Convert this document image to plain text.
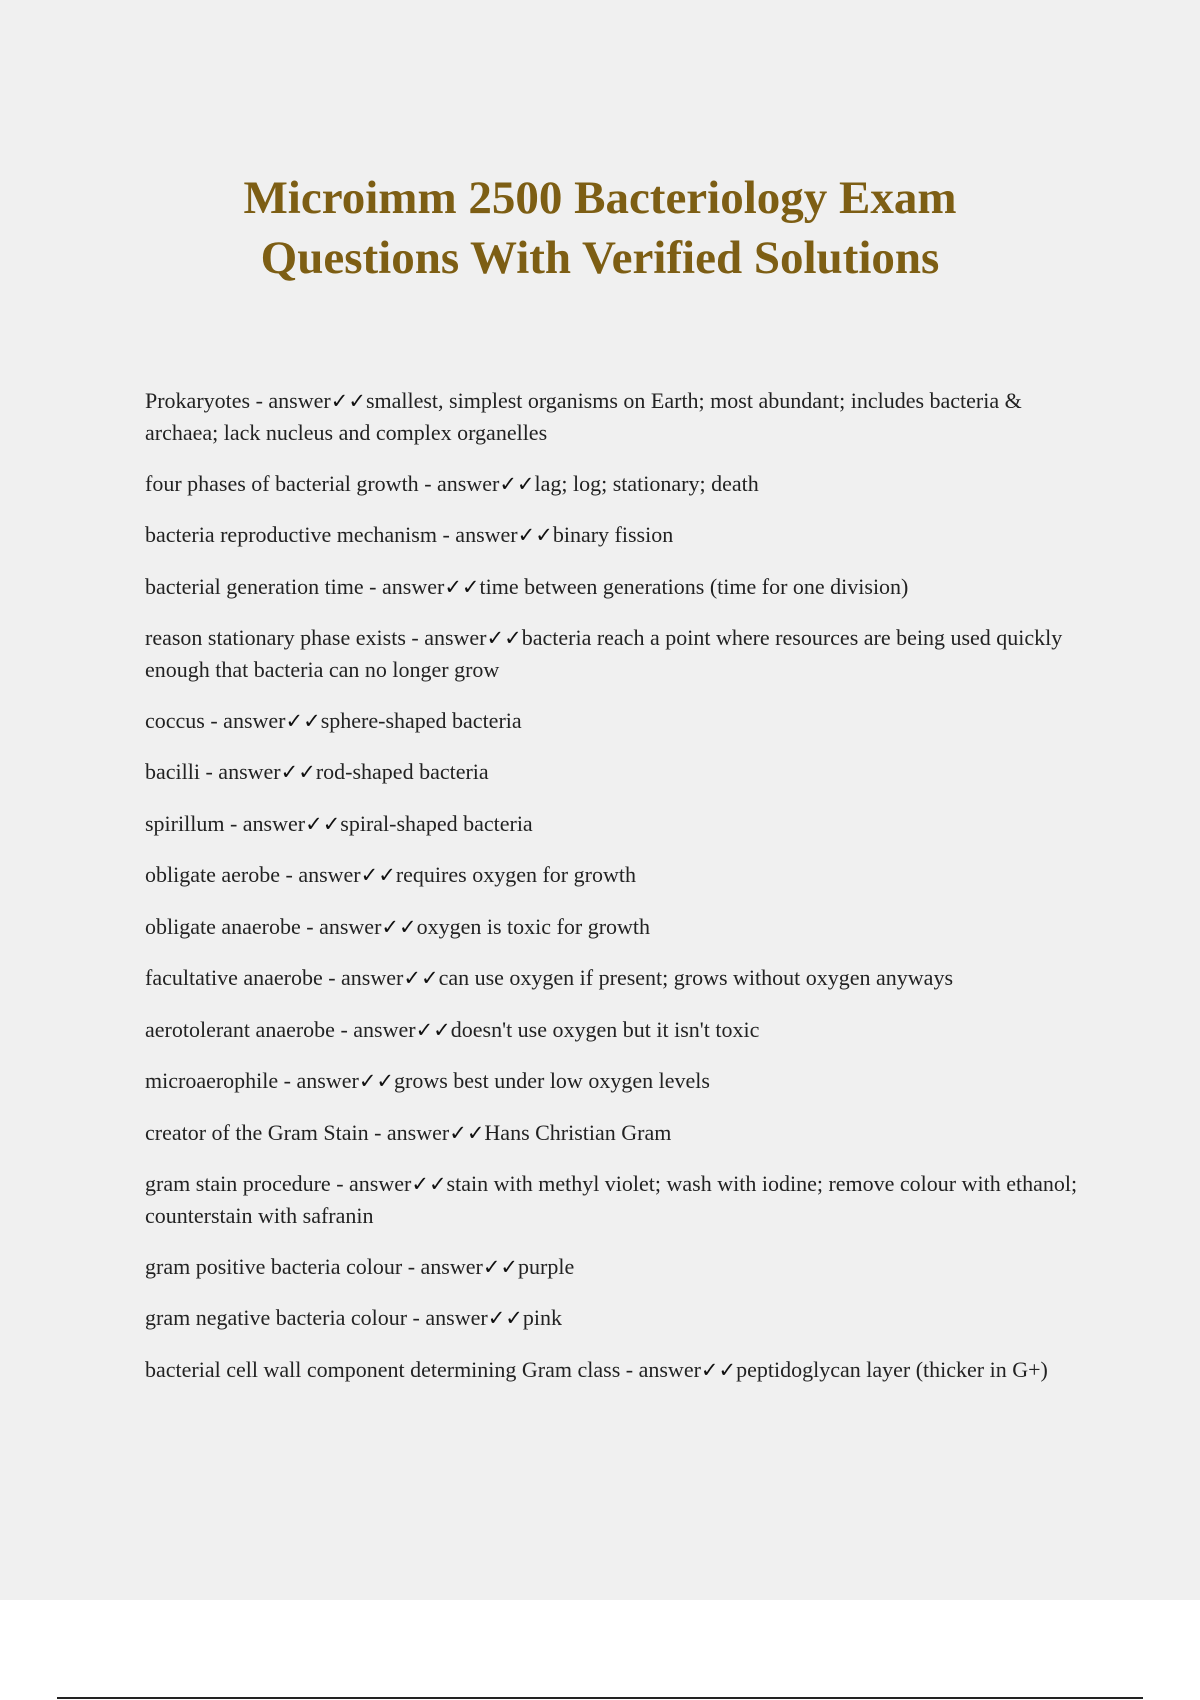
Microimm 2500 Bacteriology Exam
Questions With Verified Solutions
Prokaryotes - answer✓✓smallest, simplest organisms on Earth; most abundant; includes bacteria & archaea; lack nucleus and complex organelles
four phases of bacterial growth - answer✓✓lag; log; stationary; death
bacteria reproductive mechanism - answer✓✓binary fission
bacterial generation time - answer✓✓time between generations (time for one division)
reason stationary phase exists - answer✓✓bacteria reach a point where resources are being used quickly enough that bacteria can no longer grow
coccus - answer✓✓sphere-shaped bacteria
bacilli - answer✓✓rod-shaped bacteria
spirillum - answer✓✓spiral-shaped bacteria
obligate aerobe - answer✓✓requires oxygen for growth
obligate anaerobe - answer✓✓oxygen is toxic for growth
facultative anaerobe - answer✓✓can use oxygen if present; grows without oxygen anyways
aerotolerant anaerobe - answer✓✓doesn't use oxygen but it isn't toxic
microaerophile - answer✓✓grows best under low oxygen levels
creator of the Gram Stain - answer✓✓Hans Christian Gram
gram stain procedure - answer✓✓stain with methyl violet; wash with iodine; remove colour with ethanol; counterstain with safranin
gram positive bacteria colour - answer✓✓purple
gram negative bacteria colour - answer✓✓pink
bacterial cell wall component determining Gram class - answer✓✓peptidoglycan layer (thicker in G+)
